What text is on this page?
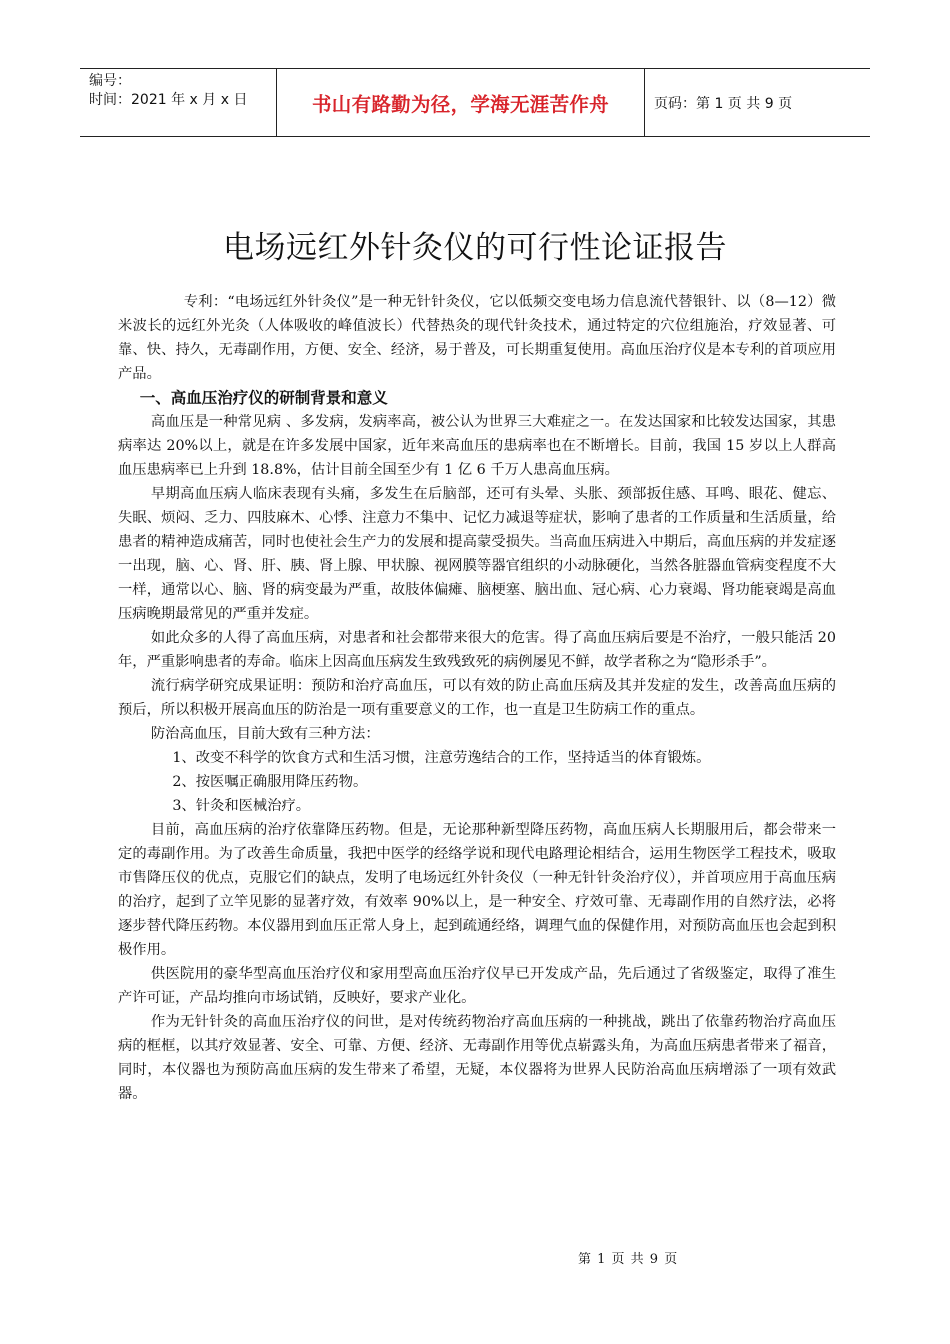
编号：
时间：2021 年 x 月 x 日	书山有路勤为径，学海无涯苦作舟	页码：第 1 页 共 9 页
电场远红外针灸仪的可行性论证报告

专利：“电场远红外针灸仪”是一种无针针灸仪，它以低频交变电场力信息流代替银针、以（8—12）微米波长的远红外光灸（人体吸收的峰值波长）代替热灸的现代针灸技术，通过特定的穴位组施治，疗效显著、可靠、快、持久，无毒副作用，方便、安全、经济，易于普及，可长期重复使用。高血压治疗仪是本专利的首项应用产品。

一、高血压治疗仪的研制背景和意义

高血压是一种常见病 、多发病，发病率高，被公认为世界三大难症之一。在发达国家和比较发达国家，其患病率达 20%以上，就是在许多发展中国家，近年来高血压的患病率也在不断增长。目前，我国 15 岁以上人群高血压患病率已上升到 18.8%，估计目前全国至少有 1 亿 6 千万人患高血压病。

早期高血压病人临床表现有头痛，多发生在后脑部，还可有头晕、头胀、颈部扳住感、耳鸣、眼花、健忘、失眠、烦闷、乏力、四肢麻木、心悸、注意力不集中、记忆力减退等症状，影响了患者的工作质量和生活质量，给患者的精神造成痛苦，同时也使社会生产力的发展和提高蒙受损失。当高血压病进入中期后，高血压病的并发症逐一出现，脑、心、肾、肝、胰、肾上腺、甲状腺、视网膜等器官组织的小动脉硬化，当然各脏器血管病变程度不大一样，通常以心、脑、肾的病变最为严重，故肢体偏瘫、脑梗塞、脑出血、冠心病、心力衰竭、肾功能衰竭是高血压病晚期最常见的严重并发症。

如此众多的人得了高血压病，对患者和社会都带来很大的危害。得了高血压病后要是不治疗，一般只能活 20 年，严重影响患者的寿命。临床上因高血压病发生致残致死的病例屡见不鲜，故学者称之为“隐形杀手”。

流行病学研究成果证明：预防和治疗高血压，可以有效的防止高血压病及其并发症的发生，改善高血压病的预后，所以积极开展高血压的防治是一项有重要意义的工作，也一直是卫生防病工作的重点。

防治高血压，目前大致有三种方法：

1、改变不科学的饮食方式和生活习惯，注意劳逸结合的工作，坚持适当的体育锻炼。

2、按医嘱正确服用降压药物。

3、针灸和医械治疗。

目前，高血压病的治疗依靠降压药物。但是，无论那种新型降压药物，高血压病人长期服用后，都会带来一定的毒副作用。为了改善生命质量，我把中医学的经络学说和现代电路理论相结合，运用生物医学工程技术，吸取市售降压仪的优点，克服它们的缺点，发明了电场远红外针灸仪（一种无针针灸治疗仪），并首项应用于高血压病的治疗，起到了立竿见影的显著疗效，有效率 90%以上，是一种安全、疗效可靠、无毒副作用的自然疗法，必将逐步替代降压药物。本仪器用到血压正常人身上，起到疏通经络，调理气血的保健作用，对预防高血压也会起到积极作用。

供医院用的豪华型高血压治疗仪和家用型高血压治疗仪早已开发成产品，先后通过了省级鉴定，取得了准生产许可证，产品均推向市场试销，反映好，要求产业化。

作为无针针灸的高血压治疗仪的问世，是对传统药物治疗高血压病的一种挑战，跳出了依靠药物治疗高血压病的框框，以其疗效显著、安全、可靠、方便、经济、无毒副作用等优点崭露头角，为高血压病患者带来了福音，同时，本仪器也为预防高血压病的发生带来了希望，无疑，本仪器将为世界人民防治高血压病增添了一项有效武器。

第 1 页 共 9 页
